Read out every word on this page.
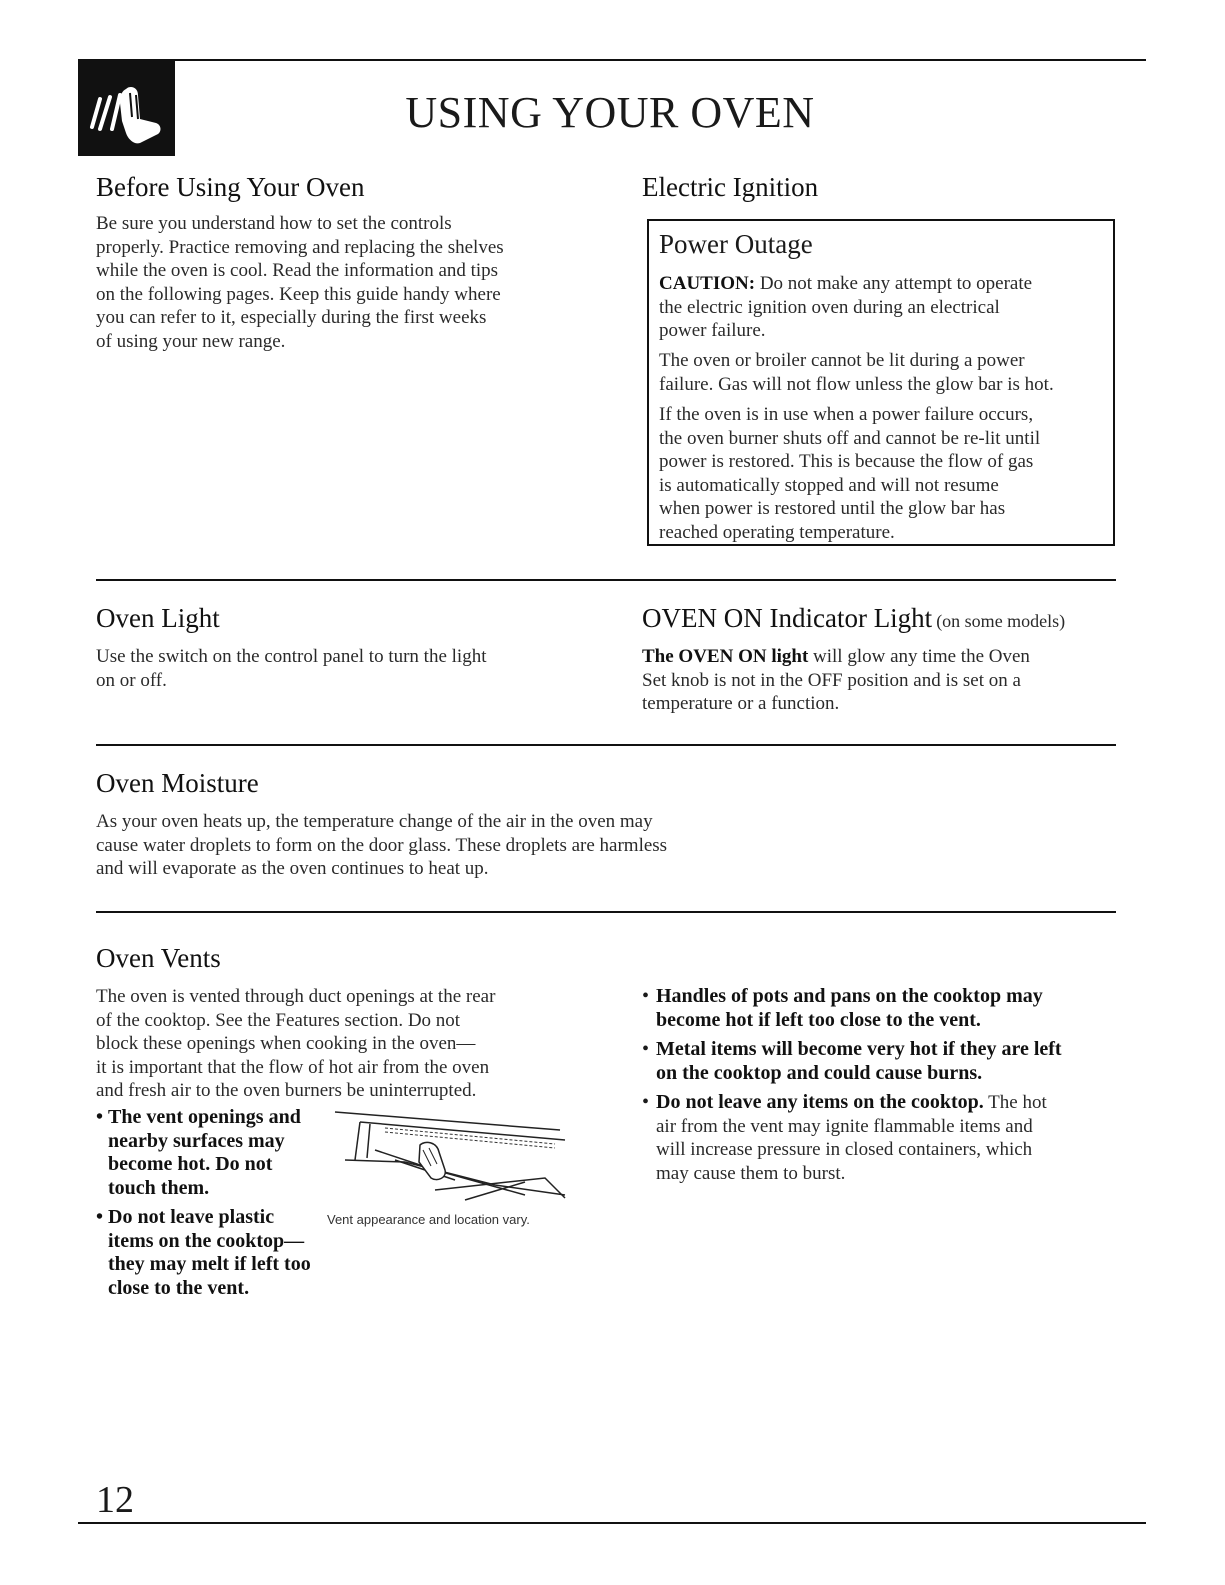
USING YOUR OVEN
Before Using Your Oven
Be sure you understand how to set the controls
properly. Practice removing and replacing the shelves
while the oven is cool. Read the information and tips
on the following pages. Keep this guide handy where
you can refer to it, especially during the first weeks
of using your new range.
Electric Ignition
Power Outage

CAUTION: Do not make any attempt to operate
the electric ignition oven during an electrical
power failure.

The oven or broiler cannot be lit during a power
failure. Gas will not flow unless the glow bar is hot.

If the oven is in use when a power failure occurs,
the oven burner shuts off and cannot be re-lit until
power is restored. This is because the flow of gas
is automatically stopped and will not resume
when power is restored until the glow bar has
reached operating temperature.

Oven Light
Use the switch on the control panel to turn the light
on or off.
OVEN ON Indicator Light (on some models)
The OVEN ON light will glow any time the Oven
Set knob is not in the OFF position and is set on a
temperature or a function.
Oven Moisture
As your oven heats up, the temperature change of the air in the oven may
cause water droplets to form on the door glass. These droplets are harmless
and will evaporate as the oven continues to heat up.
Oven Vents
The oven is vented through duct openings at the rear
of the cooktop. See the Features section. Do not
block these openings when cooking in the oven—
it is important that the flow of hot air from the oven
and fresh air to the oven burners be uninterrupted.
• The vent openings and
nearby surfaces may
become hot. Do not
touch them.
• Do not leave plastic
items on the cooktop—
they may melt if left too
close to the vent.
Vent appearance and location vary.
• Handles of pots and pans on the cooktop may
become hot if left too close to the vent.
• Metal items will become very hot if they are left
on the cooktop and could cause burns.
• Do not leave any items on the cooktop. The hot
air from the vent may ignite flammable items and
will increase pressure in closed containers, which
may cause them to burst.
12
